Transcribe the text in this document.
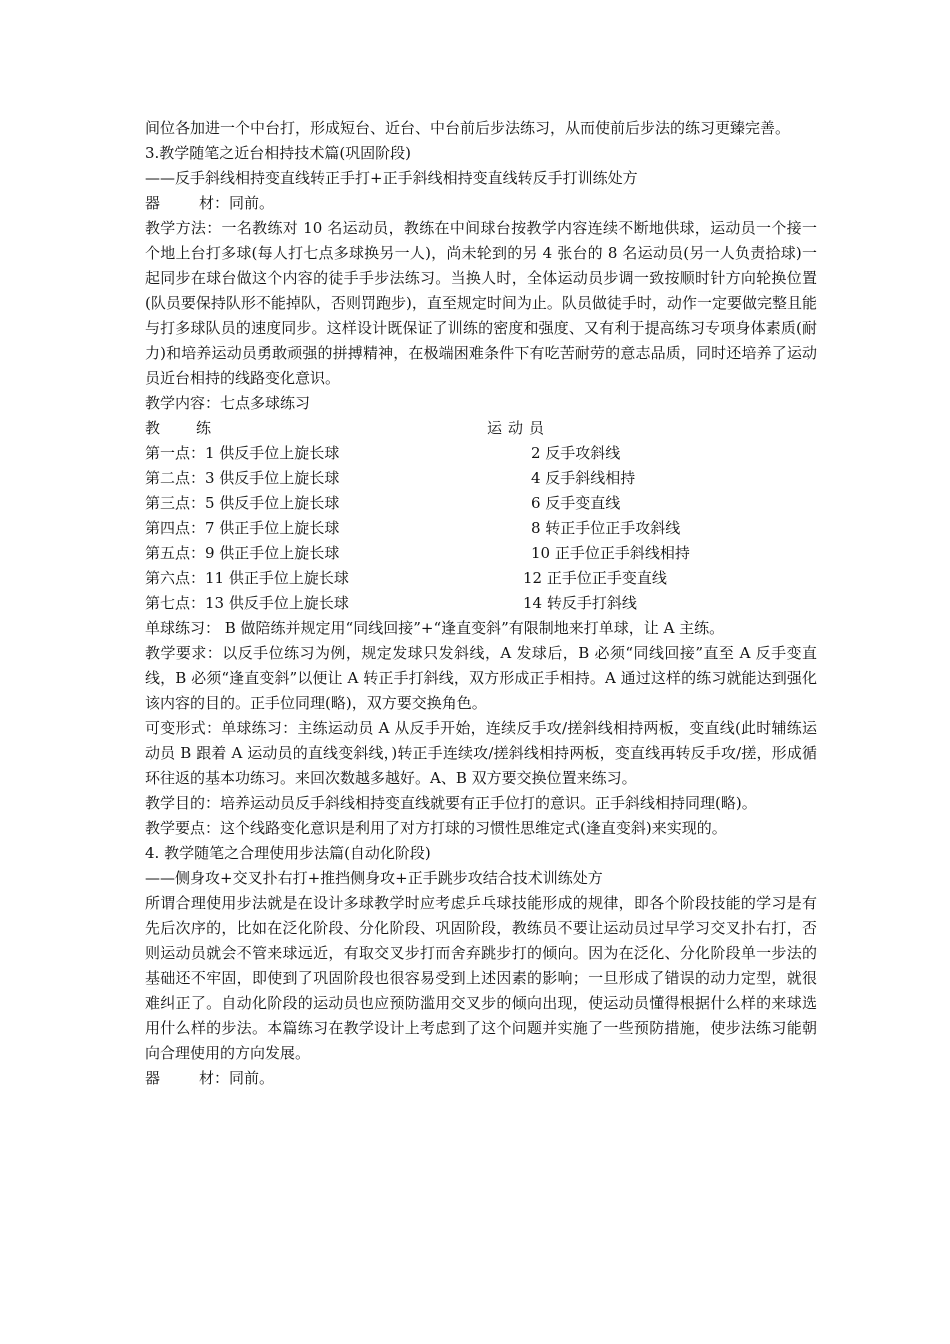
间位各加进一个中台打，形成短台、近台、中台前后步法练习，从而使前后步法的练习更臻完善。

3.教学随笔之近台相持技术篇(巩固阶段)

——反手斜线相持变直线转正手打+正手斜线相持变直线转反手打训练处方

器	材：同前。

教学方法：一名教练对 10 名运动员，教练在中间球台按教学内容连续不断地供球，运动员一个接一个地上台打多球(每人打七点多球换另一人)，尚未轮到的另 4 张台的 8 名运动员(另一人负责拾球)一起同步在球台做这个内容的徒手手步法练习。当换人时，全体运动员步调一致按顺时针方向轮换位置(队员要保持队形不能掉队，否则罚跑步)，直至规定时间为止。队员做徒手时，动作一定要做完整且能与打多球队员的速度同步。这样设计既保证了训练的密度和强度、又有利于提高练习专项身体素质(耐力)和培养运动员勇敢顽强的拼搏精神，在极端困难条件下有吃苦耐劳的意志品质，同时还培养了运动员近台相持的线路变化意识。

教学内容：七点多球练习

教练	运动员
第一点：1 供反手位上旋长球	2 反手攻斜线
第二点：3 供反手位上旋长球	4 反手斜线相持
第三点：5 供反手位上旋长球	6 反手变直线
第四点：7 供正手位上旋长球	8 转正手位正手攻斜线
第五点：9 供正手位上旋长球	10 正手位正手斜线相持
第六点：11 供正手位上旋长球	12 正手位正手变直线
第七点：13 供反手位上旋长球	14 转反手打斜线

单球练习： B 做陪练并规定用“同线回接”+“逢直变斜”有限制地来打单球，让 A 主练。

教学要求：以反手位练习为例，规定发球只发斜线，A 发球后，B 必须“同线回接”直至 A 反手变直线，B 必须“逢直变斜”以便让 A 转正手打斜线，双方形成正手相持。A 通过这样的练习就能达到强化该内容的目的。正手位同理(略)，双方要交换角色。

可变形式：单球练习：主练运动员 A 从反手开始，连续反手攻/搓斜线相持两板，变直线(此时辅练运动员 B 跟着 A 运动员的直线变斜线，)转正手连续攻/搓斜线相持两板，变直线再转反手攻/搓，形成循环往返的基本功练习。来回次数越多越好。A、B 双方要交换位置来练习。

教学目的：培养运动员反手斜线相持变直线就要有正手位打的意识。正手斜线相持同理(略)。

教学要点：这个线路变化意识是利用了对方打球的习惯性思维定式(逢直变斜)来实现的。

4. 教学随笔之合理使用步法篇(自动化阶段)

——侧身攻+交叉扑右打+推挡侧身攻+正手跳步攻结合技术训练处方

所谓合理使用步法就是在设计多球教学时应考虑乒乓球技能形成的规律，即各个阶段技能的学习是有先后次序的，比如在泛化阶段、分化阶段、巩固阶段，教练员不要让运动员过早学习交叉扑右打，否则运动员就会不管来球远近，有取交叉步打而舍弃跳步打的倾向。因为在泛化、分化阶段单一步法的基础还不牢固，即使到了巩固阶段也很容易受到上述因素的影响；一旦形成了错误的动力定型，就很难纠正了。自动化阶段的运动员也应预防滥用交叉步的倾向出现，使运动员懂得根据什么样的来球选用什么样的步法。本篇练习在教学设计上考虑到了这个问题并实施了一些预防措施，使步法练习能朝向合理使用的方向发展。

器	材：同前。
